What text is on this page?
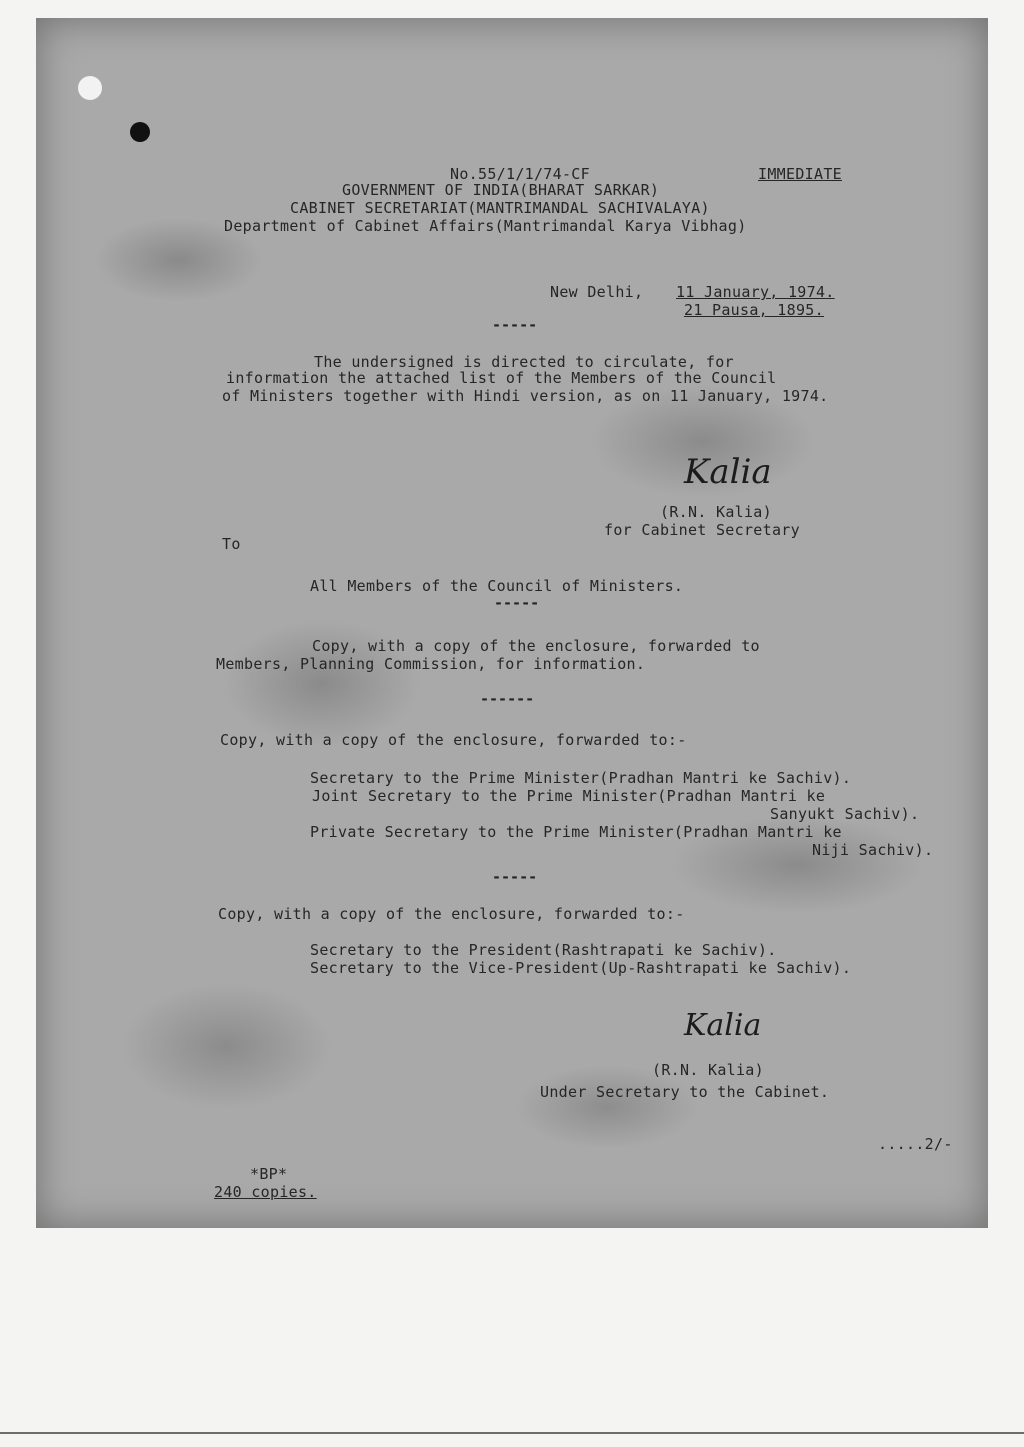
No.55/1/1/74-CF	IMMEDIATE
GOVERNMENT OF INDIA(BHARAT SARKAR)
CABINET SECRETARIAT(MANTRIMANDAL SACHIVALAYA)
Department of Cabinet Affairs(Mantrimandal Karya Vibhag)
New Delhi, 11 January, 1974.
21 Pausa, 1895.
-----
The undersigned is directed to circulate, for
information the attached list of the Members of the Council
of Ministers together with Hindi version, as on 11 January, 1974.
Kalia
(R.N. Kalia)
for Cabinet Secretary
To
All Members of the Council of Ministers.
-----
Copy, with a copy of the enclosure, forwarded to
Members, Planning Commission, for information.
------
Copy, with a copy of the enclosure, forwarded to:-
Secretary to the Prime Minister(Pradhan Mantri ke Sachiv).
Joint Secretary to the Prime Minister(Pradhan Mantri ke
Sanyukt Sachiv).
Private Secretary to the Prime Minister(Pradhan Mantri ke
Niji Sachiv).
-----
Copy, with a copy of the enclosure, forwarded to:-
Secretary to the President(Rashtrapati ke Sachiv).
Secretary to the Vice-President(Up-Rashtrapati ke Sachiv).
Kalia
(R.N. Kalia)
Under Secretary to the Cabinet.
.....2/-
*BP*
240 copies.
